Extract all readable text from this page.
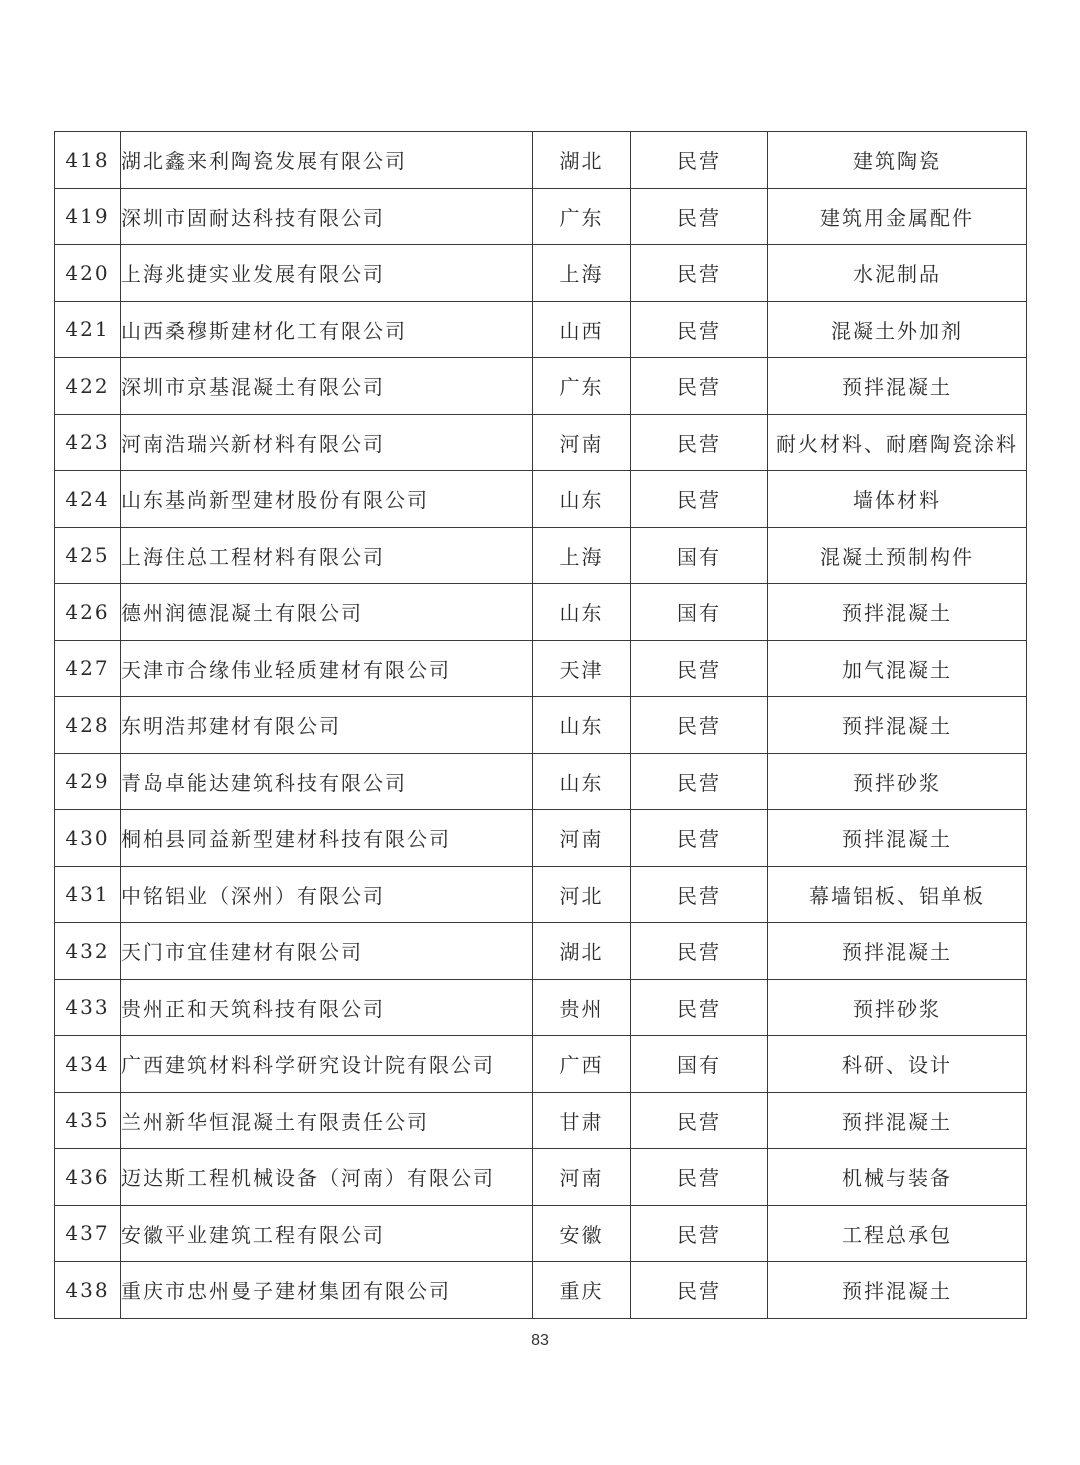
418	湖北鑫来利陶瓷发展有限公司	湖北	民营	建筑陶瓷
419	深圳市固耐达科技有限公司	广东	民营	建筑用金属配件
420	上海兆捷实业发展有限公司	上海	民营	水泥制品
421	山西桑穆斯建材化工有限公司	山西	民营	混凝土外加剂
422	深圳市京基混凝土有限公司	广东	民营	预拌混凝土
423	河南浩瑞兴新材料有限公司	河南	民营	耐火材料、耐磨陶瓷涂料
424	山东基尚新型建材股份有限公司	山东	民营	墙体材料
425	上海住总工程材料有限公司	上海	国有	混凝土预制构件
426	德州润德混凝土有限公司	山东	国有	预拌混凝土
427	天津市合缘伟业轻质建材有限公司	天津	民营	加气混凝土
428	东明浩邦建材有限公司	山东	民营	预拌混凝土
429	青岛卓能达建筑科技有限公司	山东	民营	预拌砂浆
430	桐柏县同益新型建材科技有限公司	河南	民营	预拌混凝土
431	中铭铝业（深州）有限公司	河北	民营	幕墙铝板、铝单板
432	天门市宜佳建材有限公司	湖北	民营	预拌混凝土
433	贵州正和天筑科技有限公司	贵州	民营	预拌砂浆
434	广西建筑材料科学研究设计院有限公司	广西	国有	科研、设计
435	兰州新华恒混凝土有限责任公司	甘肃	民营	预拌混凝土
436	迈达斯工程机械设备（河南）有限公司	河南	民营	机械与装备
437	安徽平业建筑工程有限公司	安徽	民营	工程总承包
438	重庆市忠州曼子建材集团有限公司	重庆	民营	预拌混凝土
83
